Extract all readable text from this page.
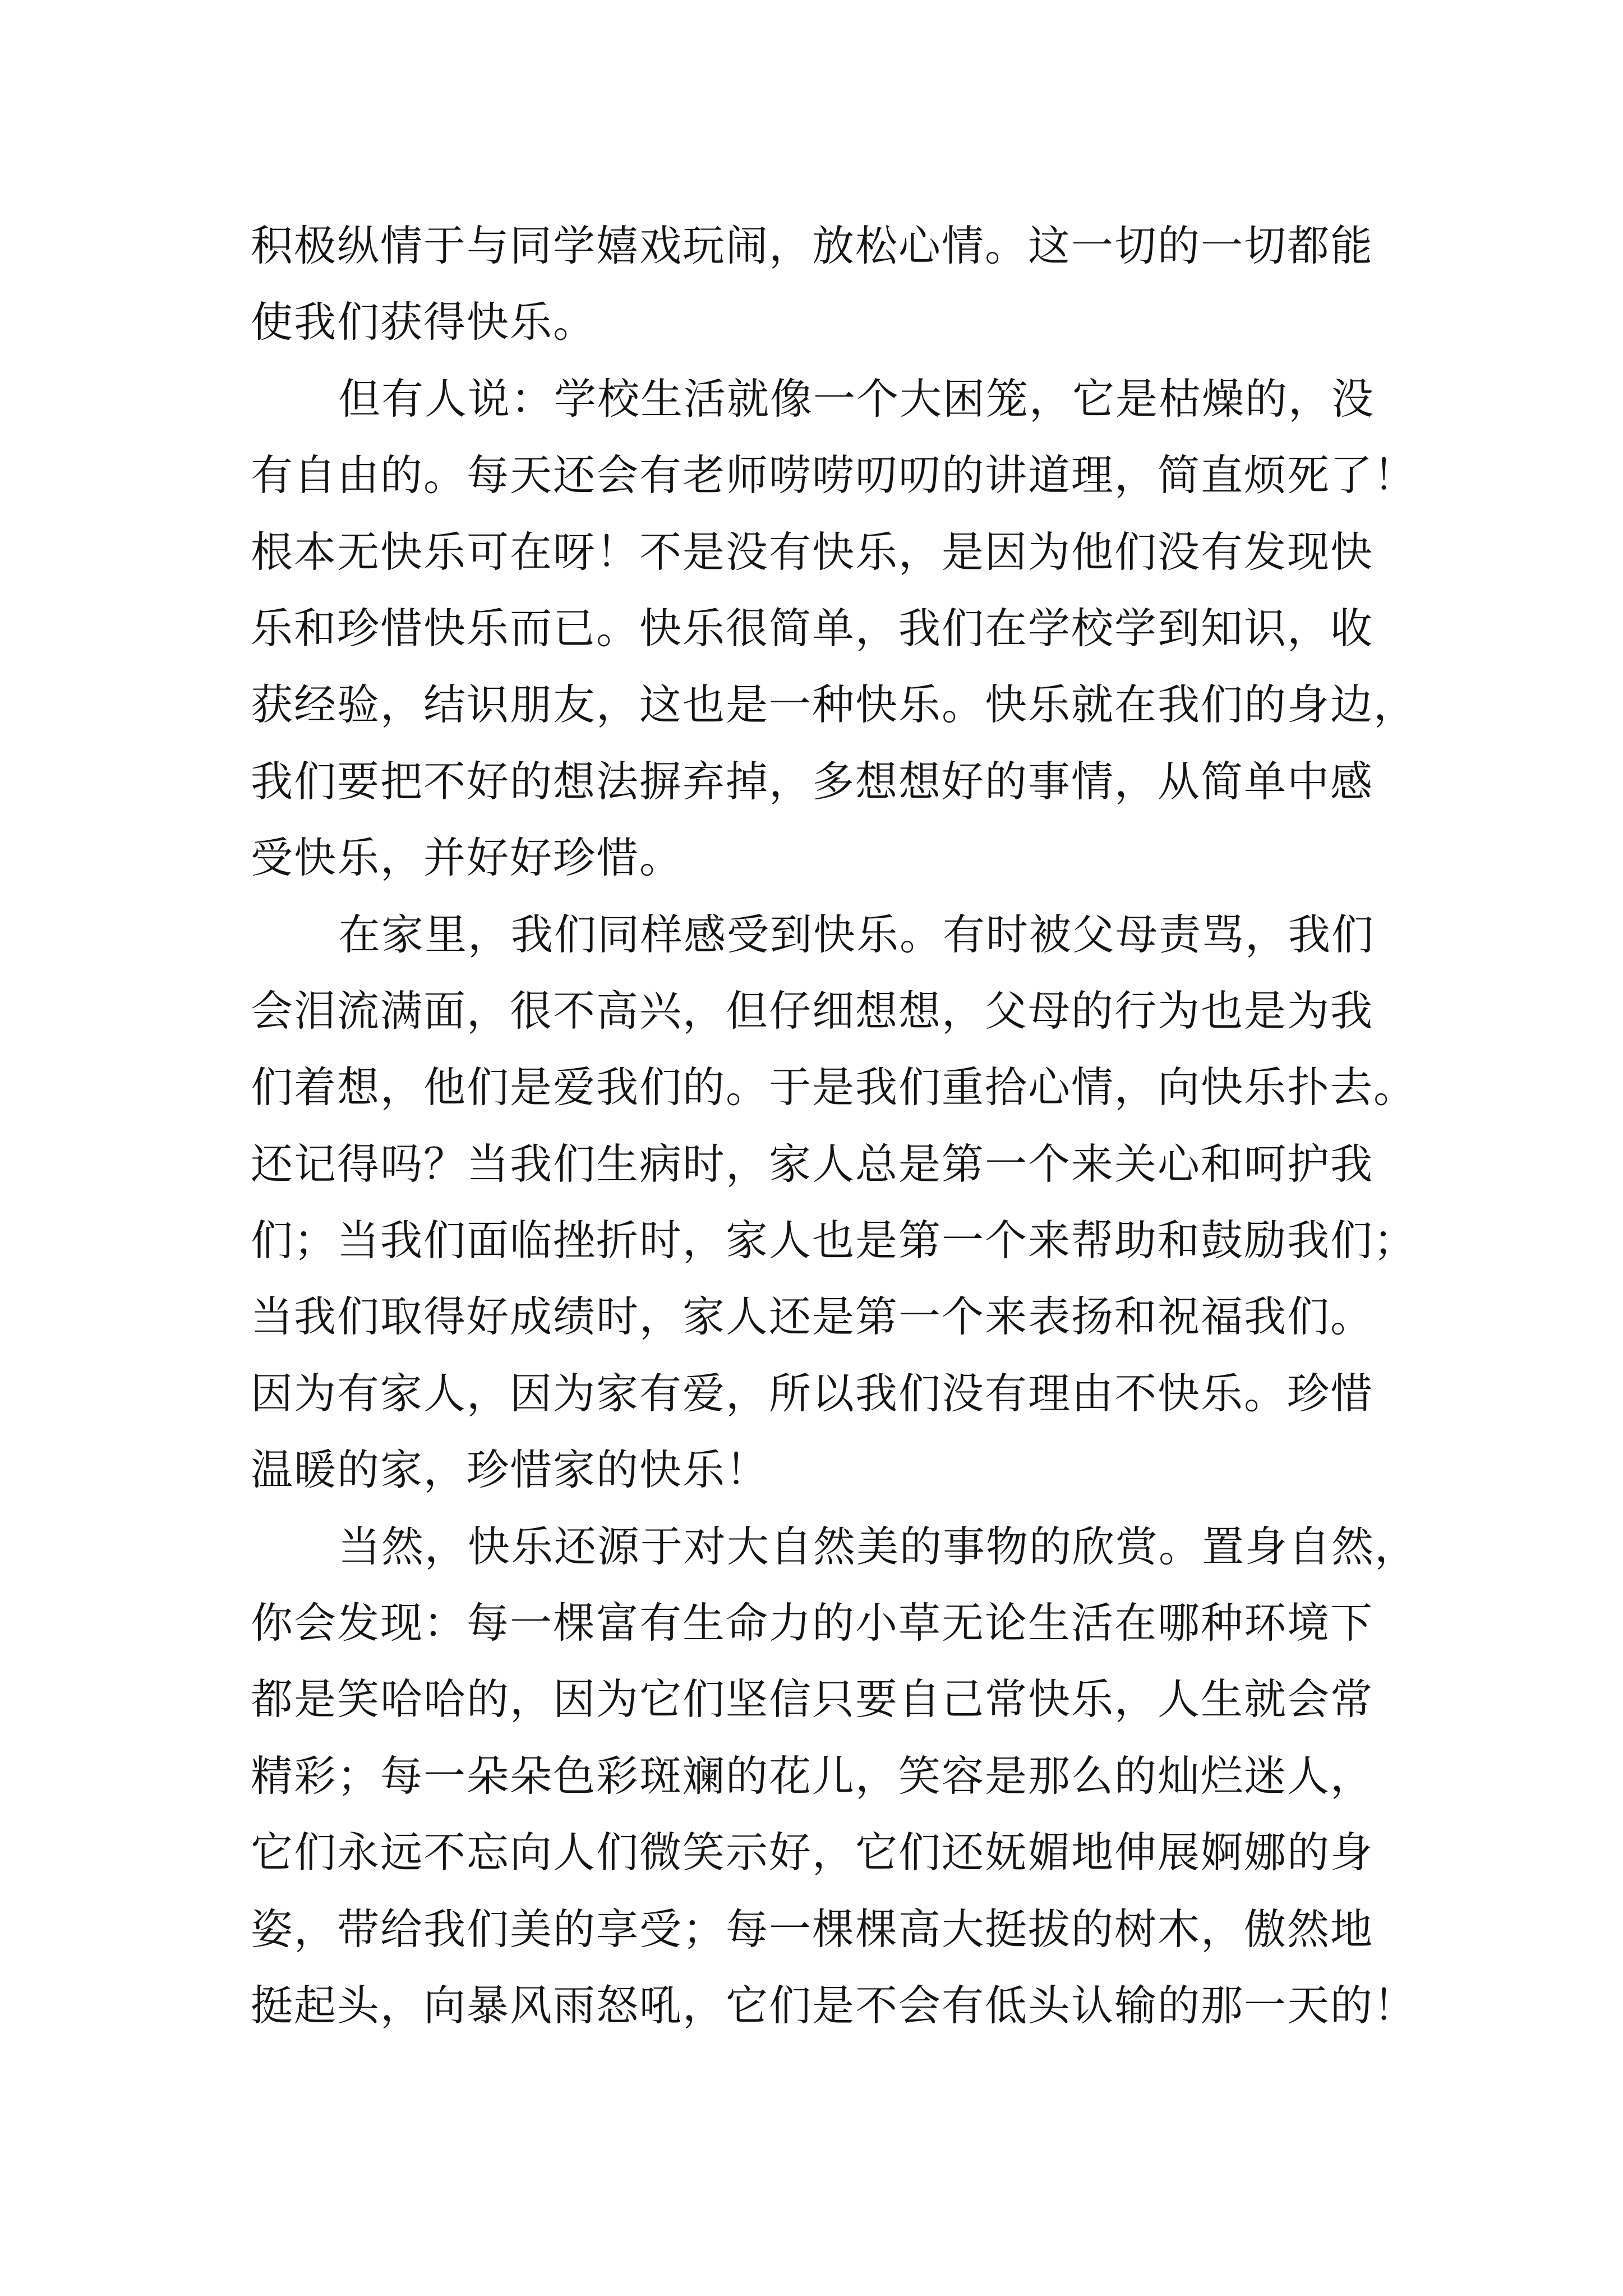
积极纵情于与同学嬉戏玩闹，放松心情。这一切的一切都能
使我们获得快乐。
但有人说：学校生活就像一个大困笼，它是枯燥的，没
有自由的。每天还会有老师唠唠叨叨的讲道理，简直烦死了！
根本无快乐可在呀！不是没有快乐，是因为他们没有发现快
乐和珍惜快乐而已。快乐很简单，我们在学校学到知识，收
获经验，结识朋友，这也是一种快乐。快乐就在我们的身边，
我们要把不好的想法摒弃掉，多想想好的事情，从简单中感
受快乐，并好好珍惜。
在家里，我们同样感受到快乐。有时被父母责骂，我们
会泪流满面，很不高兴，但仔细想想，父母的行为也是为我
们着想，他们是爱我们的。于是我们重拾心情，向快乐扑去。
还记得吗？当我们生病时，家人总是第一个来关心和呵护我
们；当我们面临挫折时，家人也是第一个来帮助和鼓励我们；
当我们取得好成绩时，家人还是第一个来表扬和祝福我们。
因为有家人，因为家有爱，所以我们没有理由不快乐。珍惜
温暖的家，珍惜家的快乐！
当然，快乐还源于对大自然美的事物的欣赏。置身自然，
你会发现：每一棵富有生命力的小草无论生活在哪种环境下
都是笑哈哈的，因为它们坚信只要自己常快乐，人生就会常
精彩；每一朵朵色彩斑斓的花儿，笑容是那么的灿烂迷人，
它们永远不忘向人们微笑示好，它们还妩媚地伸展婀娜的身
姿，带给我们美的享受；每一棵棵高大挺拔的树木，傲然地
挺起头，向暴风雨怒吼，它们是不会有低头认输的那一天的！
